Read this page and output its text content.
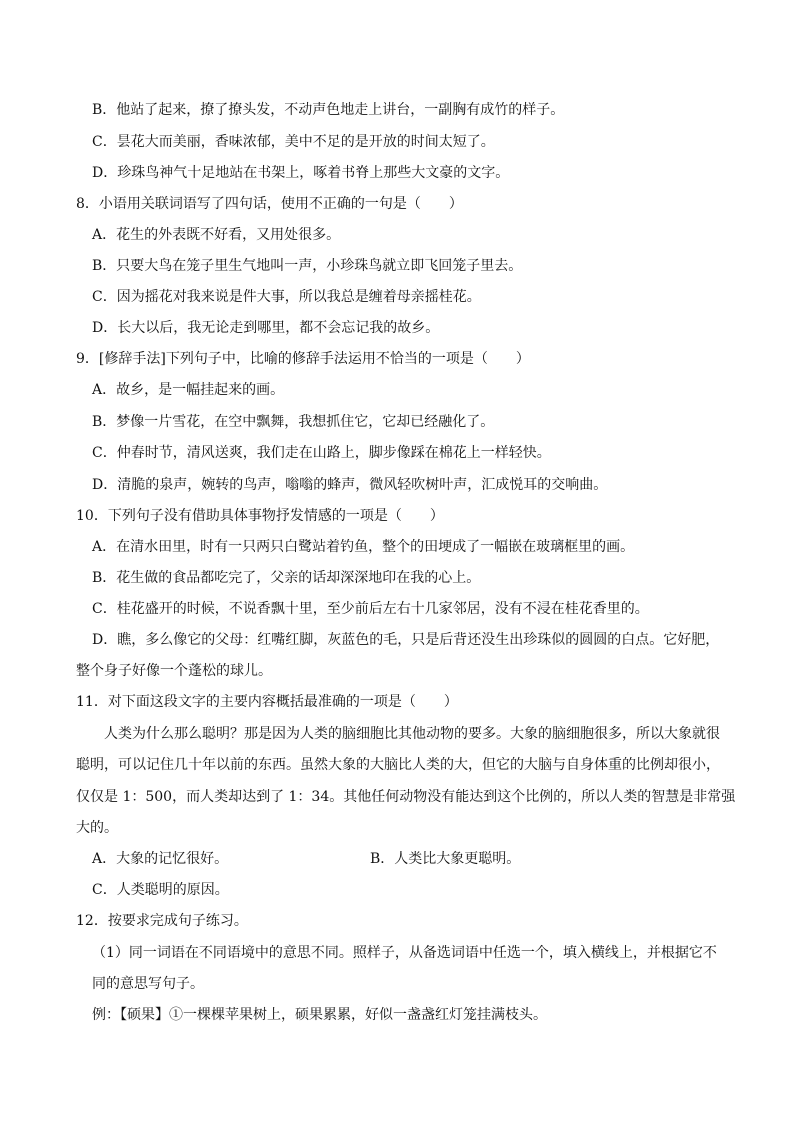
B．他站了起来，撩了撩头发，不动声色地走上讲台，一副胸有成竹的样子。
C．昙花大而美丽，香味浓郁，美中不足的是开放的时间太短了。
D．珍珠鸟神气十足地站在书架上，啄着书脊上那些大文豪的文字。
8．小语用关联词语写了四句话，使用不正确的一句是（　　）
A．花生的外表既不好看，又用处很多。
B．只要大鸟在笼子里生气地叫一声，小珍珠鸟就立即飞回笼子里去。
C．因为摇花对我来说是件大事，所以我总是缠着母亲摇桂花。
D．长大以后，我无论走到哪里，都不会忘记我的故乡。
9．[修辞手法]下列句子中，比喻的修辞手法运用不恰当的一项是（　　）
A．故乡，是一幅挂起来的画。
B．梦像一片雪花，在空中飘舞，我想抓住它，它却已经融化了。
C．仲春时节，清风送爽，我们走在山路上，脚步像踩在棉花上一样轻快。
D．清脆的泉声，婉转的鸟声，嗡嗡的蜂声，微风轻吹树叶声，汇成悦耳的交响曲。
10．下列句子没有借助具体事物抒发情感的一项是（　　）
A．在清水田里，时有一只两只白鹭站着钓鱼，整个的田埂成了一幅嵌在玻璃框里的画。
B．花生做的食品都吃完了，父亲的话却深深地印在我的心上。
C．桂花盛开的时候，不说香飘十里，至少前后左右十几家邻居，没有不浸在桂花香里的。
D．瞧，多么像它的父母：红嘴红脚，灰蓝色的毛，只是后背还没生出珍珠似的圆圆的白点。它好肥，
整个身子好像一个蓬松的球儿。
11．对下面这段文字的主要内容概括最准确的一项是（　　）
人类为什么那么聪明？那是因为人类的脑细胞比其他动物的要多。大象的脑细胞很多，所以大象就很
聪明，可以记住几十年以前的东西。虽然大象的大脑比人类的大，但它的大脑与自身体重的比例却很小，
仅仅是 1：500，而人类却达到了 1：34。其他任何动物没有能达到这个比例的，所以人类的智慧是非常强
大的。
A．大象的记忆很好。	B．人类比大象更聪明。
C．人类聪明的原因。
12．按要求完成句子练习。
（1）同一词语在不同语境中的意思不同。照样子，从备选词语中任选一个，填入横线上，并根据它不
同的意思写句子。
例：【硕果】①一棵棵苹果树上，硕果累累，好似一盏盏红灯笼挂满枝头。
